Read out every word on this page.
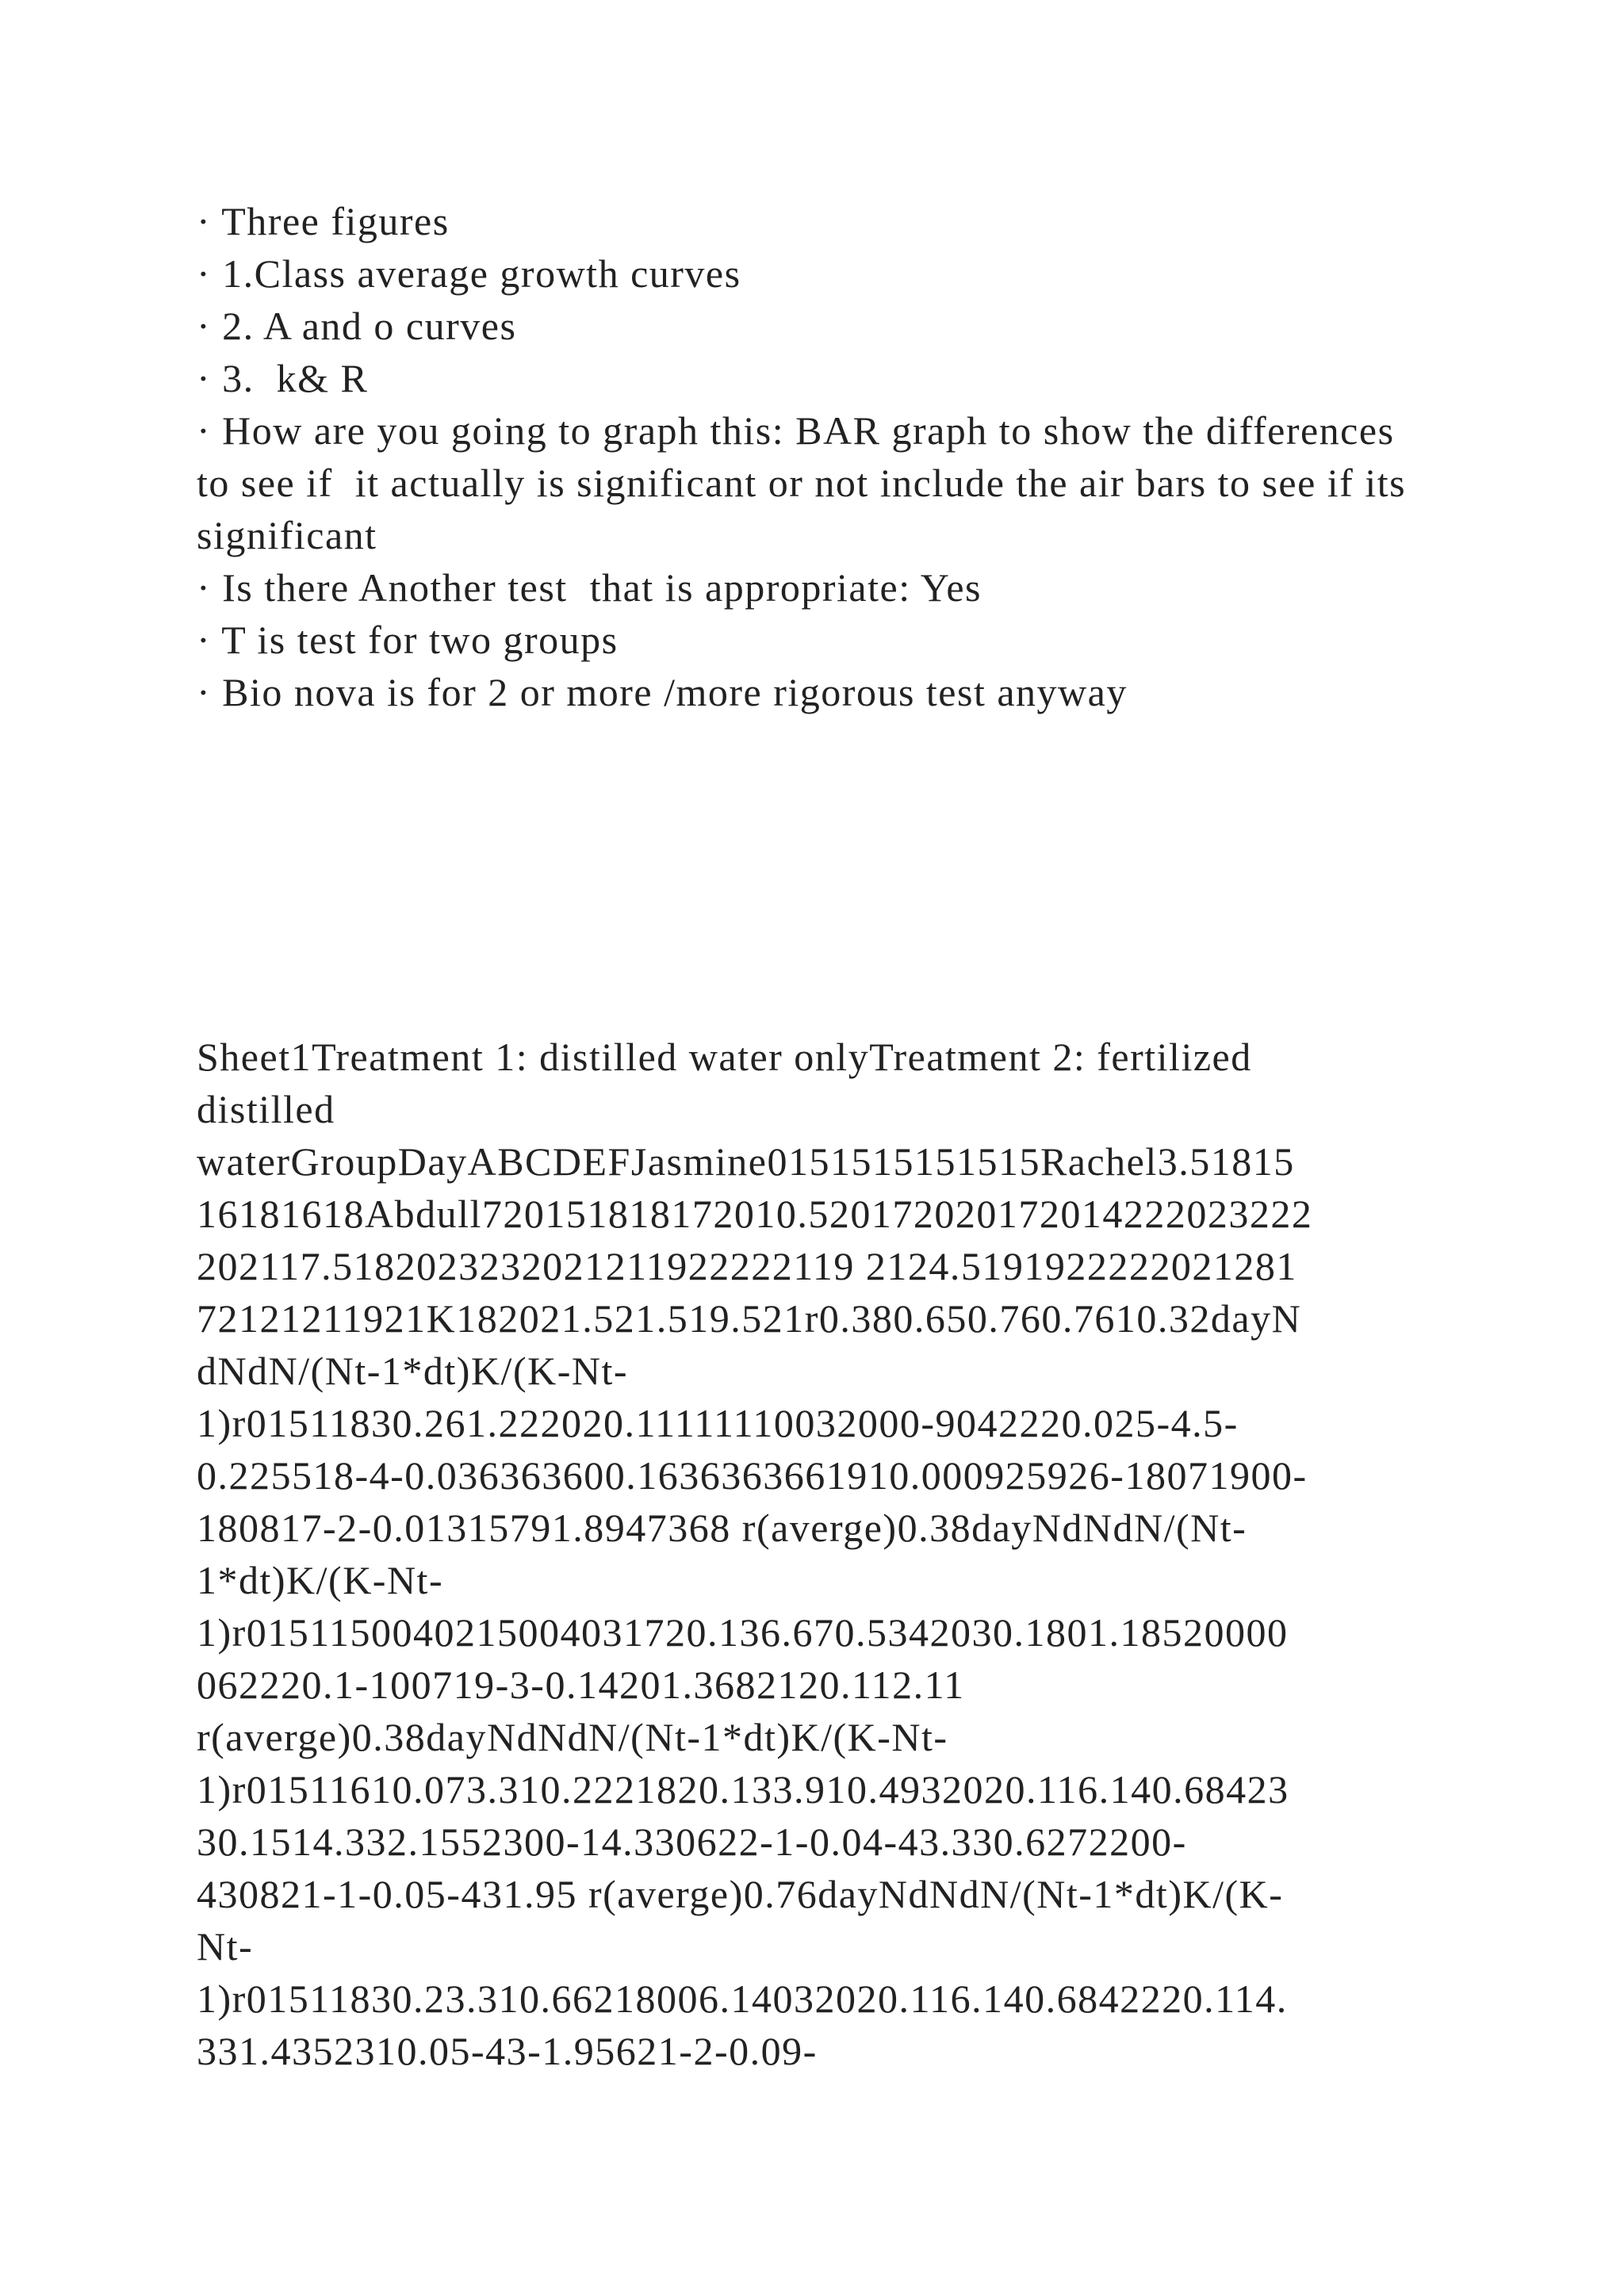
· Three figures
· 1.Class average growth curves
· 2. A and o curves
· 3.  k& R
· How are you going to graph this: BAR graph to show the differences to see if  it actually is significant or not include the air bars to see if its significant
· Is there Another test  that is appropriate: Yes
· T is test for two groups
· Bio nova is for 2 or more /more rigorous test anyway
Sheet1Treatment 1: distilled water onlyTreatment 2: fertilized
distilled
waterGroupDayABCDEFJasmine0151515151515Rachel3.51815
16181618Abdull720151818172010.520172020172014222023222
202117.5182023232021211922222119 2124.5191922222021281
72121211921K182021.521.519.521r0.380.650.760.7610.32dayN
dNdN/(Nt-1*dt)K/(K-Nt-
1)r01511830.261.222020.11111110032000-9042220.025-4.5-
0.225518-4-0.036363600.1636363661910.000925926-18071900-
180817-2-0.01315791.8947368 r(averge)0.38dayNdNdN/(Nt-
1*dt)K/(K-Nt-
1)r0151150040215004031720.136.670.5342030.1801.18520000
062220.1-100719-3-0.14201.3682120.112.11
r(averge)0.38dayNdNdN/(Nt-1*dt)K/(K-Nt-
1)r01511610.073.310.2221820.133.910.4932020.116.140.68423
30.1514.332.1552300-14.330622-1-0.04-43.330.6272200-
430821-1-0.05-431.95 r(averge)0.76dayNdNdN/(Nt-1*dt)K/(K-
Nt-
1)r01511830.23.310.66218006.14032020.116.140.6842220.114.
331.4352310.05-43-1.95621-2-0.09-
